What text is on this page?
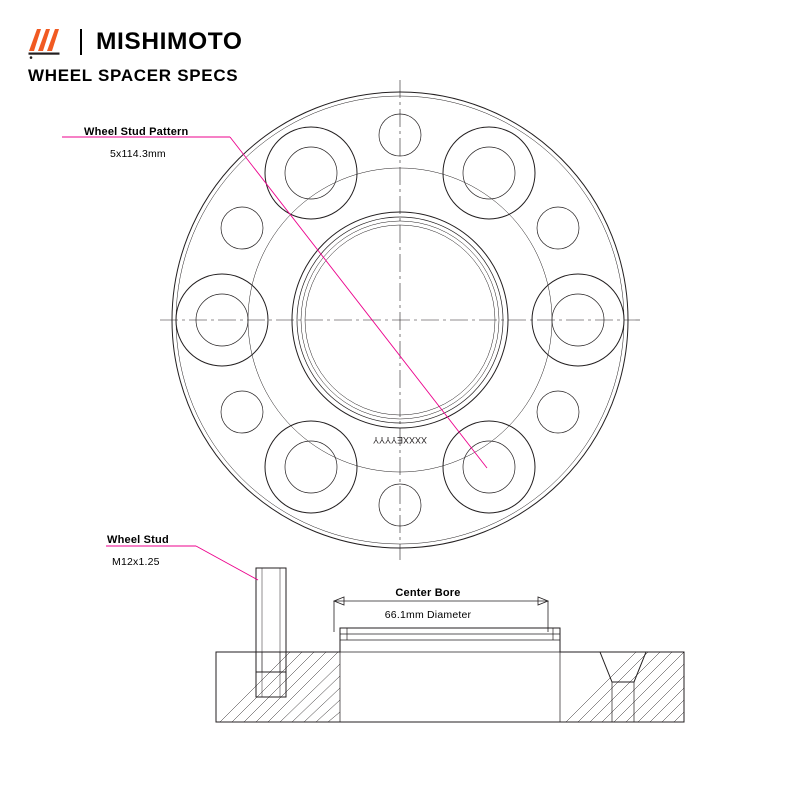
MISHIMOTO
WHEEL SPACER SPECS
Wheel Stud Pattern
5x114.3mm
Wheel Stud
M12x1.25
Center Bore
66.1mm Diameter
XXXXEYYYY
